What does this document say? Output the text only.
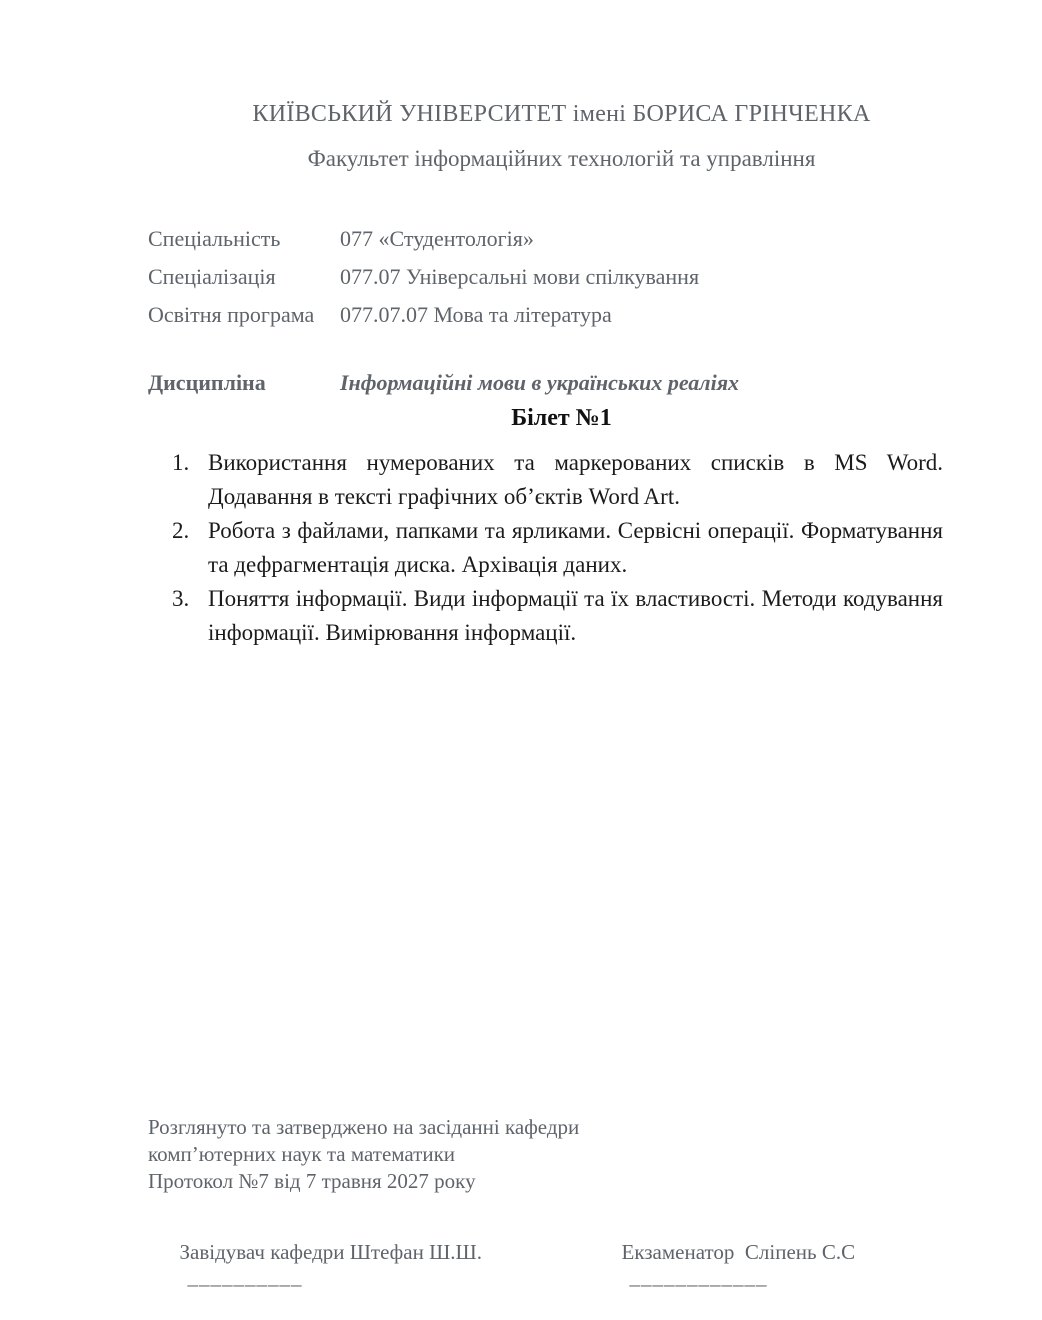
КИЇВСЬКИЙ УНІВЕРСИТЕТ імені БОРИСА ГРІНЧЕНКА
Факультет інформаційних технологій та управління
Спеціальність	077 «Студентологія»
Спеціалізація	077.07 Універсальні мови спілкування
Освітня програма	077.07.07 Мова та література
Дисципліна	Інформаційні мови в українських реаліях
Білет №1
1. Використання нумерованих та маркерованих списків в MS Word. Додавання в тексті графічних об’єктів Word Art.
2. Робота з файлами, папками та ярликами. Сервісні операції. Форматування та дефрагментація диска. Архівація даних.
3. Поняття інформації. Види інформації та їх властивості. Методи кодування інформації. Вимірювання інформації.
Розглянуто та затверджено на засіданні кафедри
комп’ютерних наук та математики
Протокол №7 від 7 травня 2027 року

Завідувач кафедри Штефан Ш.Ш.
__________

Екзаменатор  Сліпень С.С
____________
